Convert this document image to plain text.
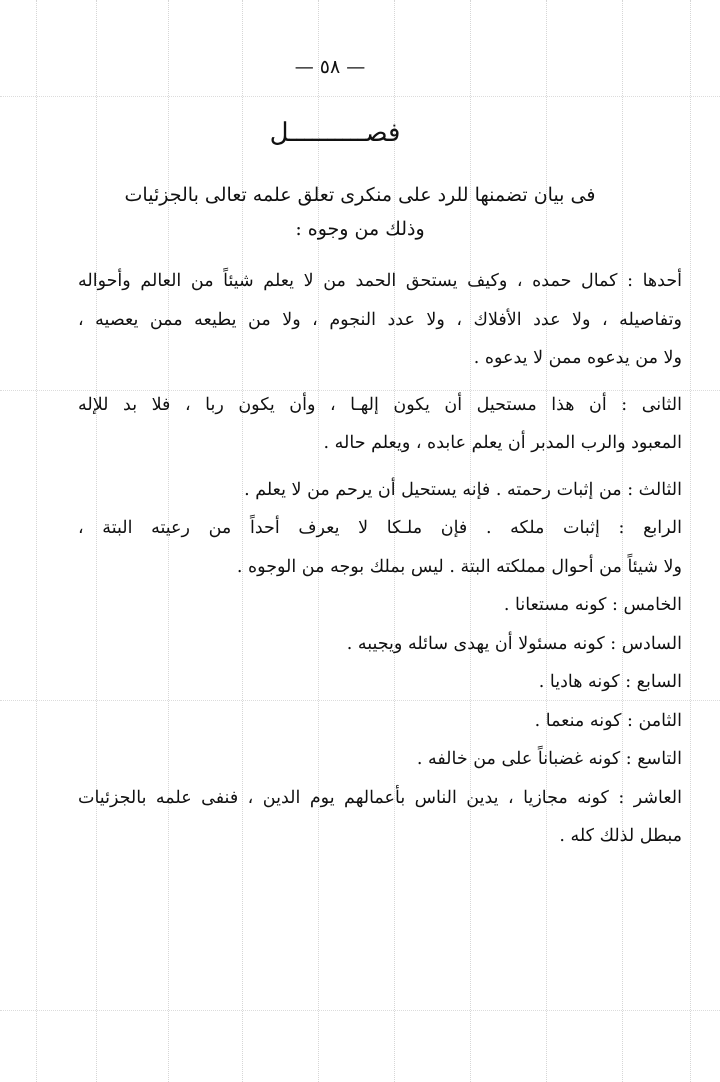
— ٥٨ —
فصــــــــــل
فى بيان تضمنها للرد على منكرى تعلق علمه تعالى بالجزئيات
وذلك من وجوه :
أحدها : كمال حمده ، وكيف يستحق الحمد من لا يعلم شيئاً من العالم وأحواله
وتفاصيله ، ولا عدد الأفلاك ، ولا عدد النجوم ، ولا من يطيعه ممن يعصيه ،
ولا من يدعوه ممن لا يدعوه .
الثانى : أن هذا مستحيل أن يكون إلهـا ، وأن يكون ربا ، فلا بد للإله
المعبود والرب المدبر أن يعلم عابده ، ويعلم حاله .
الثالث : من إثبات رحمته . فإنه يستحيل أن يرحم من لا يعلم .
الرابع : إثبات ملكه . فإن ملـكا لا يعرف أحداً من رعيته البتة ،
ولا شيئاً من أحوال مملكته البتة . ليس بملك بوجه من الوجوه .
الخامس : كونه مستعانا .
السادس : كونه مسئولا أن يهدى سائله ويجيبه .
السابع : كونه هاديا .
الثامن : كونه منعما .
التاسع : كونه غضباناً على من خالفه .
العاشر : كونه مجازيا ، يدين الناس بأعمالهم يوم الدين ، فنفى علمه بالجزئيات
مبطل لذلك كله .
